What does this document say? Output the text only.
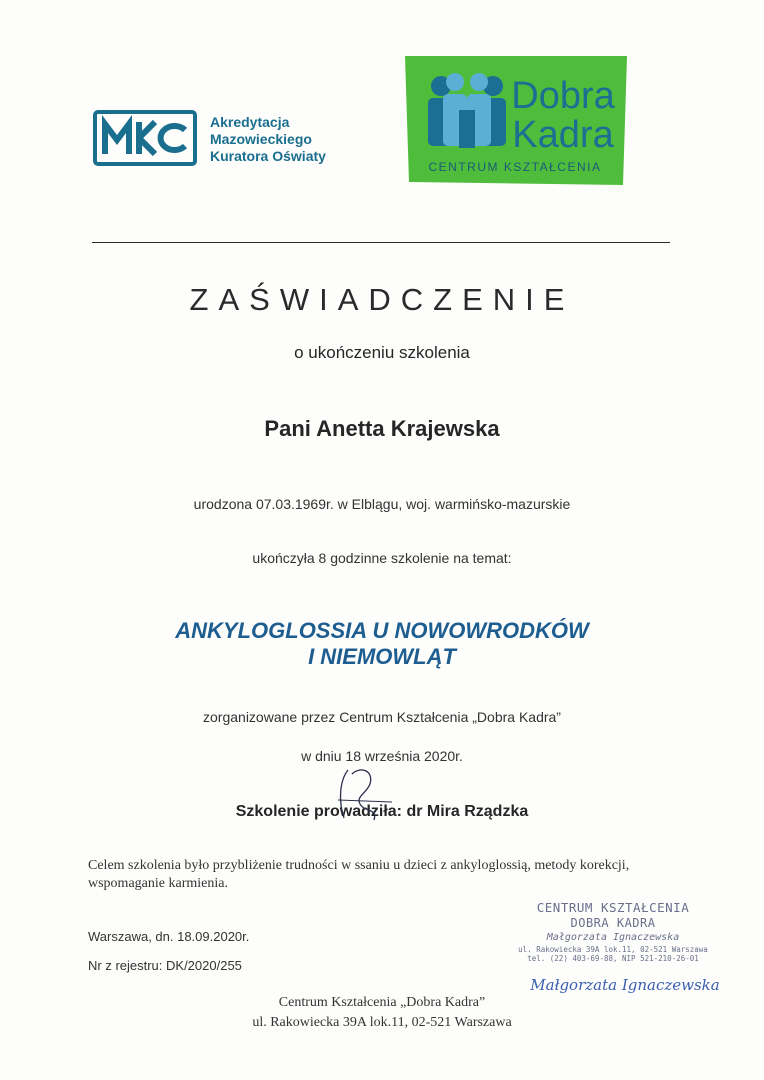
Akredytacja
Mazowieckiego
Kuratora Oświaty
Dobra
Kadra
CENTRUM KSZTAŁCENIA
ZAŚWIADCZENIE
o ukończeniu szkolenia
Pani Anetta Krajewska
urodzona 07.03.1969r. w Elblągu, woj. warmińsko-mazurskie
ukończyła 8 godzinne szkolenie na temat:
ANKYLOGLOSSIA U NOWOWRODKÓW
I NIEMOWLĄT
zorganizowane przez Centrum Kształcenia „Dobra Kadra”
w dniu 18 września 2020r.
Szkolenie prowadziła: dr Mira Rządzka
Celem szkolenia było przybliżenie trudności w ssaniu u dzieci z ankyloglossią, metody korekcji, wspomaganie karmienia.
Warszawa, dn. 18.09.2020r.
Nr z rejestru: DK/2020/255
CENTRUM KSZTAŁCENIA
DOBRA KADRA
Małgorzata Ignaczewska
ul. Rakowiecka 39A lok.11, 02-521 Warszawa
tel. (22) 403-69-88, NIP 521-210-26-01
Małgorzata Ignaczewska
Centrum Kształcenia „Dobra Kadra”
ul. Rakowiecka 39A lok.11, 02-521 Warszawa
